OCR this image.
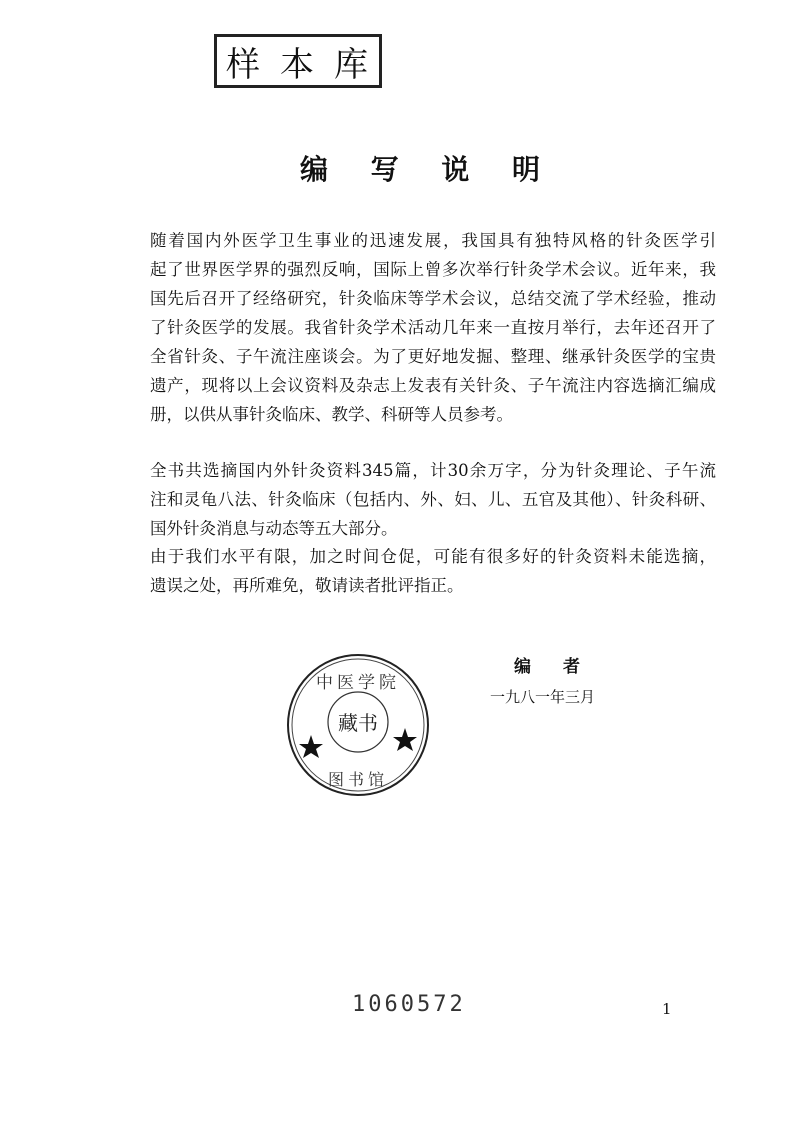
样 本 库
编 写 说 明
随着国内外医学卫生事业的迅速发展，我国具有独特风格的针灸医学引
起了世界医学界的强烈反响，国际上曾多次举行针灸学术会议。近年来，我
国先后召开了经络研究，针灸临床等学术会议，总结交流了学术经验，推动
了针灸医学的发展。我省针灸学术活动几年来一直按月举行，去年还召开了
全省针灸、子午流注座谈会。为了更好地发掘、整理、继承针灸医学的宝贵
遗产，现将以上会议资料及杂志上发表有关针灸、子午流注内容选摘汇编成
册，以供从事针灸临床、教学、科研等人员参考。
全书共选摘国内外针灸资料345篇，计30余万字，分为针灸理论、子午流
注和灵龟八法、针灸临床（包括内、外、妇、儿、五官及其他）、针灸科研、
国外针灸消息与动态等五大部分。
由于我们水平有限，加之时间仓促，可能有很多好的针灸资料未能选摘，
遗误之处，再所难免，敬请读者批评指正。
编 者
一九八一年三月
中医学院
图书馆
藏书
1060572	1
